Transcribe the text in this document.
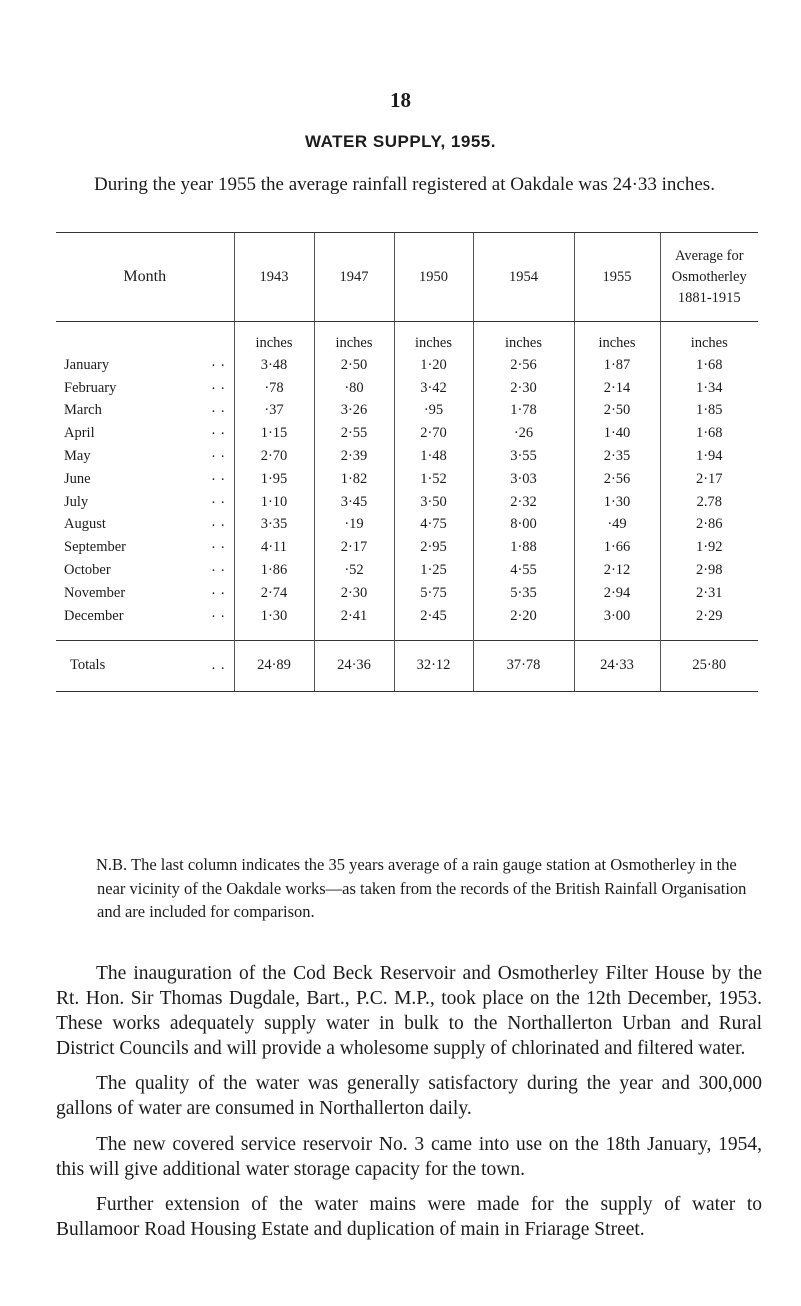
18
WATER SUPPLY, 1955.

During the year 1955 the average rainfall registered at Oakdale was 24·33 inches.

Month	1943	1947	1950	1954	1955	Average for
Osmotherley
1881-1915
	inches	inches	inches	inches	inches	inches
January . .	3·48	2·50	1·20	2·56	1·87	1·68
February . .	·78	·80	3·42	2·30	2·14	1·34
March . .	·37	3·26	·95	1·78	2·50	1·85
April . .	1·15	2·55	2·70	·26	1·40	1·68
May . .	2·70	2·39	1·48	3·55	2·35	1·94
June . .	1·95	1·82	1·52	3·03	2·56	2·17
July . .	1·10	3·45	3·50	2·32	1·30	2.78
August . .	3·35	·19	4·75	8·00	·49	2·86
September . .	4·11	2·17	2·95	1·88	1·66	1·92
October . .	1·86	·52	1·25	4·55	2·12	2·98
November . .	2·74	2·30	5·75	5·35	2·94	2·31
December . .	1·30	2·41	2·45	2·20	3·00	2·29

Totals . .	24·89	24·36	32·12	37·78	24·33	25·80

N.B. The last column indicates the 35 years average of a rain gauge station at Osmotherley in the near vicinity of the Oakdale works—as taken from the records of the British Rainfall Organisation and are included for comparison.

The inauguration of the Cod Beck Reservoir and Osmotherley Filter House by the Rt. Hon. Sir Thomas Dugdale, Bart., P.C. M.P., took place on the 12th December, 1953. These works adequately supply water in bulk to the Northallerton Urban and Rural District Councils and will provide a wholesome supply of chlorinated and filtered water.

The quality of the water was generally satisfactory during the year and 300,000 gallons of water are consumed in Northallerton daily.

The new covered service reservoir No. 3 came into use on the 18th January, 1954, this will give additional water storage capacity for the town.

Further extension of the water mains were made for the supply of water to Bullamoor Road Housing Estate and duplication of main in Friarage Street.
